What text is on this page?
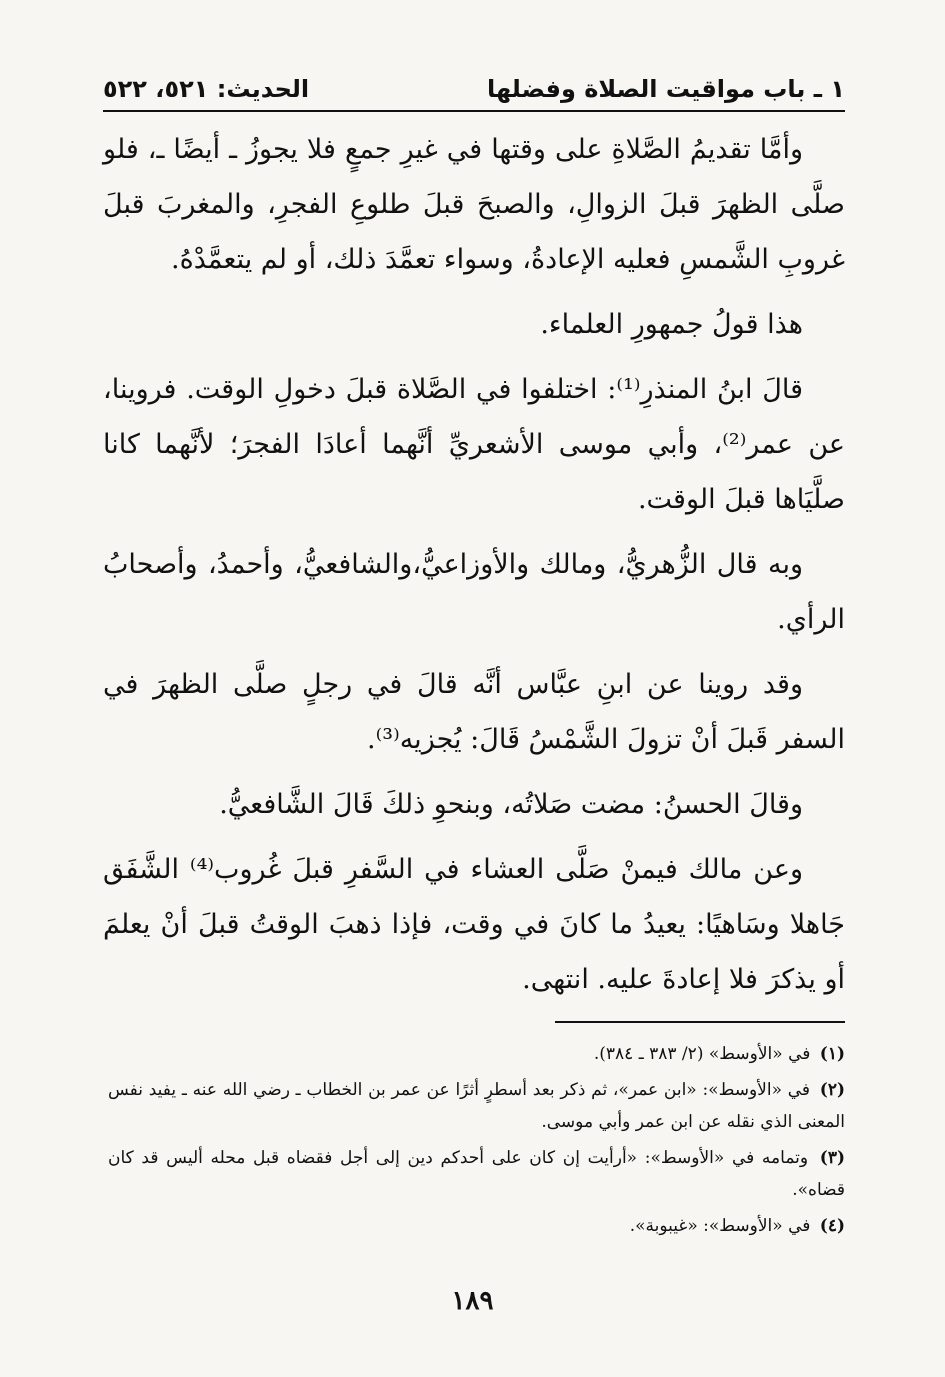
١ ـ باب مواقيت الصلاة وفضلها
الحديث: ٥٢١، ٥٢٢

وأمَّا تقديمُ الصَّلاةِ على وقتها في غيرِ جمعٍ فلا يجوزُ ـ أيضًا ـ، فلو صلَّى الظهرَ قبلَ الزوالِ، والصبحَ قبلَ طلوعِ الفجرِ، والمغربَ قبلَ غروبِ الشَّمسِ فعليه الإعادةُ، وسواء تعمَّدَ ذلك، أو لم يتعمَّدْهُ.

هذا قولُ جمهورِ العلماء.

قالَ ابنُ المنذرِ⁽¹⁾: اختلفوا في الصَّلاة قبلَ دخولِ الوقت. فروينا، عن عمر⁽²⁾، وأبي موسى الأشعريِّ أنَّهما أعادَا الفجرَ؛ لأنَّهما كانا صلَّيَاها قبلَ الوقت.

وبه قال الزُّهريُّ، ومالك والأوزاعيُّ،والشافعيُّ، وأحمدُ، وأصحابُ الرأي.

وقد روينا عن ابنِ عبَّاس أنَّه قالَ في رجلٍ صلَّى الظهرَ في السفر قَبلَ أنْ تزولَ الشَّمْسُ قَالَ: يُجزيه⁽³⁾.

وقالَ الحسنُ: مضت صَلاتُه، وبنحوِ ذلكَ قَالَ الشَّافعيُّ.

وعن مالك فيمنْ صَلَّى العشاء في السَّفرِ قبلَ غُروب⁽⁴⁾ الشَّفَق جَاهلا وسَاهيًا: يعيدُ ما كانَ في وقت، فإذا ذهبَ الوقتُ قبلَ أنْ يعلمَ أو يذكرَ فلا إعادةَ عليه. انتهى.

(١) في «الأوسط» (٢/ ٣٨٣ ـ ٣٨٤).

(٢) في «الأوسط»: «ابن عمر»، ثم ذكر بعد أسطرٍ أثرًا عن عمر بن الخطاب ـ رضي الله عنه ـ يفيد نفس المعنى الذي نقله عن ابن عمر وأبي موسى.

(٣) وتمامه في «الأوسط»: «أرأيت إن كان على أحدكم دين إلى أجل فقضاه قبل محله أليس قد كان قضاه».

(٤) في «الأوسط»: «غيبوبة».

١٨٩
